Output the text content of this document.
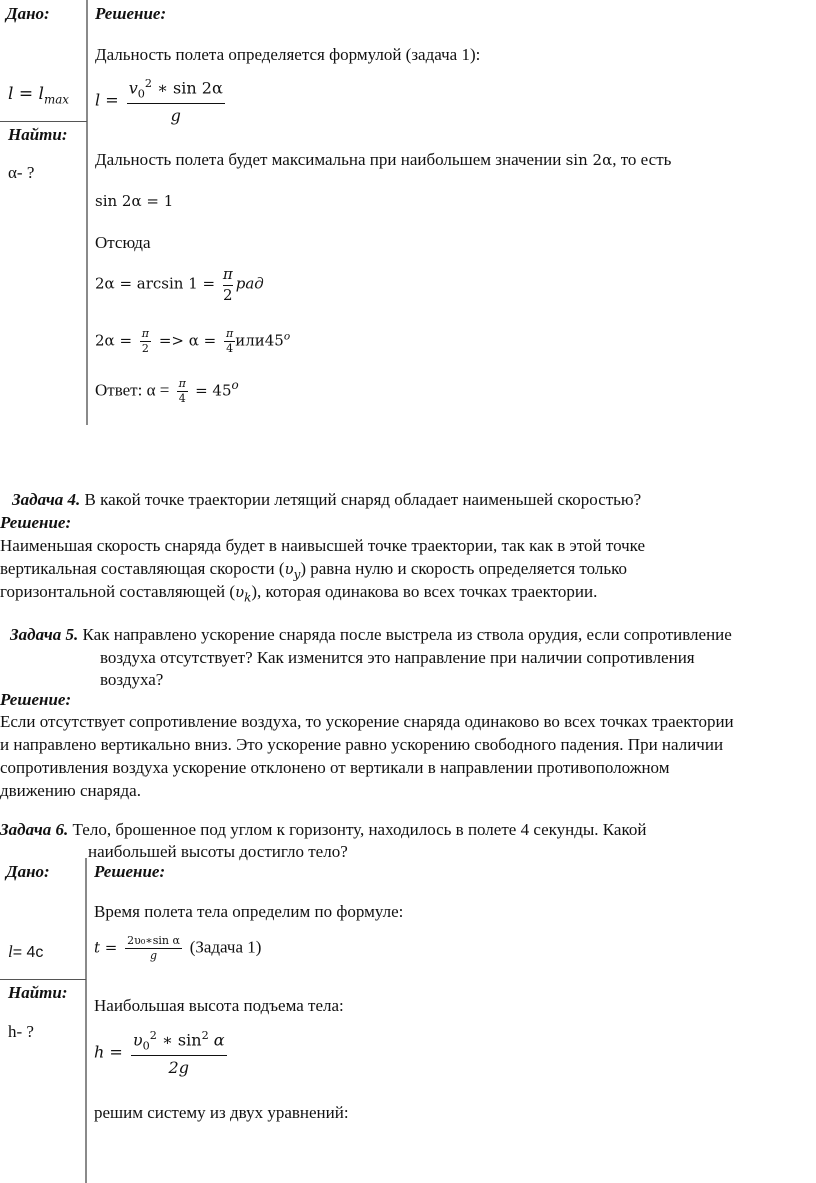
Дано:
$l = l_{max}$
Найти:
α- ?
Решение:
Дальность полета определяется формулой (задача 1):
$l = \frac{v_0^2 ∗ \sin 2\alpha}{g}$
Дальность полета будет максимальна при наибольшем значении sin 2α, то есть
sin 2α = 1
Отсюда
$2\alpha = \arcsin 1 = \frac{\pi}{2}$ рад
$2\alpha = \frac{\pi}{2} => \alpha = \frac{\pi}{4} или45^o$
Ответ: $\alpha = \frac{\pi}{4} = 45^o$
Задача 4. В какой точке траектории летящий снаряд обладает наименьшей скоростью?
Решение:
Наименьшая скорость снаряда будет в наивысшей точке траектории, так как в этой точке
вертикальная составляющая скорости $(\upsilon_y)$ равна нулю и скорость определяется только
горизонтальной составляющей $(\upsilon_k)$, которая одинакова во всех точках траектории.
Задача 5. Как направлено ускорение снаряда после выстрела из ствола орудия, если сопротивление
воздуха отсутствует? Как изменится это направление при наличии сопротивления
воздуха?
Решение:
Если отсутствует сопротивление воздуха, то ускорение снаряда одинаково во всех точках траектории
и направлено вертикально вниз. Это ускорение равно ускорению свободного падения. При наличии
сопротивления воздуха ускорение отклонено от вертикали в направлении противоположном
движению снаряда.
Задача 6. Тело, брошенное под углом к горизонту, находилось в полете 4 секунды. Какой
наибольшей высоты достигло тело?
Дано:
l= 4с
Найти:
h- ?
Решение:
Время полета тела определим по формуле:
$t = \frac{\text{2υ₀∗sin α}}{g}$ (Задача 1)
Наибольшая высота подъема тела:
$h = \frac{\upsilon_0^2 ∗ \sin^2 \alpha}{2g}$
решим систему из двух уравнений:
